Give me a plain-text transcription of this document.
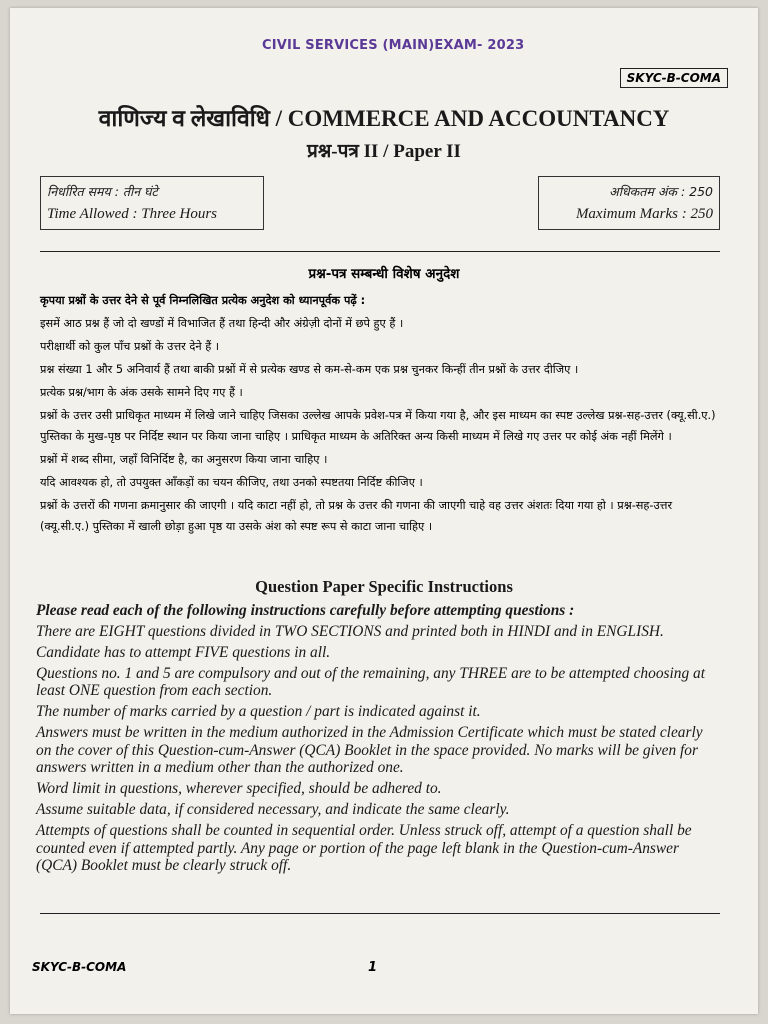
CIVIL SERVICES (MAIN)EXAM- 2023
SKYC-B-COMA
वाणिज्य व लेखाविधि / COMMERCE AND ACCOUNTANCY
प्रश्न-पत्र II / Paper II
निर्धारित समय : तीन घंटे
Time Allowed : Three Hours
अधिकतम अंक : 250
Maximum Marks : 250
प्रश्न-पत्र सम्बन्धी विशेष अनुदेश
कृपया प्रश्नों के उत्तर देने से पूर्व निम्नलिखित प्रत्येक अनुदेश को ध्यानपूर्वक पढ़ें :
इसमें आठ प्रश्न हैं जो दो खण्डों में विभाजित हैं तथा हिन्दी और अंग्रेज़ी दोनों में छपे हुए हैं ।
परीक्षार्थी को कुल पाँच प्रश्नों के उत्तर देने हैं ।
प्रश्न संख्या 1 और 5 अनिवार्य हैं तथा बाकी प्रश्नों में से प्रत्येक खण्ड से कम-से-कम एक प्रश्न चुनकर किन्हीं तीन प्रश्नों के उत्तर दीजिए ।
प्रत्येक प्रश्न/भाग के अंक उसके सामने दिए गए हैं ।
प्रश्नों के उत्तर उसी प्राधिकृत माध्यम में लिखे जाने चाहिए जिसका उल्लेख आपके प्रवेश-पत्र में किया गया है, और इस माध्यम का स्पष्ट उल्लेख प्रश्न-सह-उत्तर (क्यू.सी.ए.) पुस्तिका के मुख-पृष्ठ पर निर्दिष्ट स्थान पर किया जाना चाहिए । प्राधिकृत माध्यम के अतिरिक्त अन्य किसी माध्यम में लिखे गए उत्तर पर कोई अंक नहीं मिलेंगे ।
प्रश्नों में शब्द सीमा, जहाँ विनिर्दिष्ट है, का अनुसरण किया जाना चाहिए ।
यदि आवश्यक हो, तो उपयुक्त आँकड़ों का चयन कीजिए, तथा उनको स्पष्टतया निर्दिष्ट कीजिए ।
प्रश्नों के उत्तरों की गणना क्रमानुसार की जाएगी । यदि काटा नहीं हो, तो प्रश्न के उत्तर की गणना की जाएगी चाहे वह उत्तर अंशतः दिया गया हो । प्रश्न-सह-उत्तर (क्यू.सी.ए.) पुस्तिका में खाली छोड़ा हुआ पृष्ठ या उसके अंश को स्पष्ट रूप से काटा जाना चाहिए ।
Question Paper Specific Instructions
Please read each of the following instructions carefully before attempting questions :
There are EIGHT questions divided in TWO SECTIONS and printed both in HINDI and in ENGLISH.
Candidate has to attempt FIVE questions in all.
Questions no. 1 and 5 are compulsory and out of the remaining, any THREE are to be attempted choosing at least ONE question from each section.
The number of marks carried by a question / part is indicated against it.
Answers must be written in the medium authorized in the Admission Certificate which must be stated clearly on the cover of this Question-cum-Answer (QCA) Booklet in the space provided. No marks will be given for answers written in a medium other than the authorized one.
Word limit in questions, wherever specified, should be adhered to.
Assume suitable data, if considered necessary, and indicate the same clearly.
Attempts of questions shall be counted in sequential order. Unless struck off, attempt of a question shall be counted even if attempted partly. Any page or portion of the page left blank in the Question-cum-Answer (QCA) Booklet must be clearly struck off.
SKYC-B-COMA	1
